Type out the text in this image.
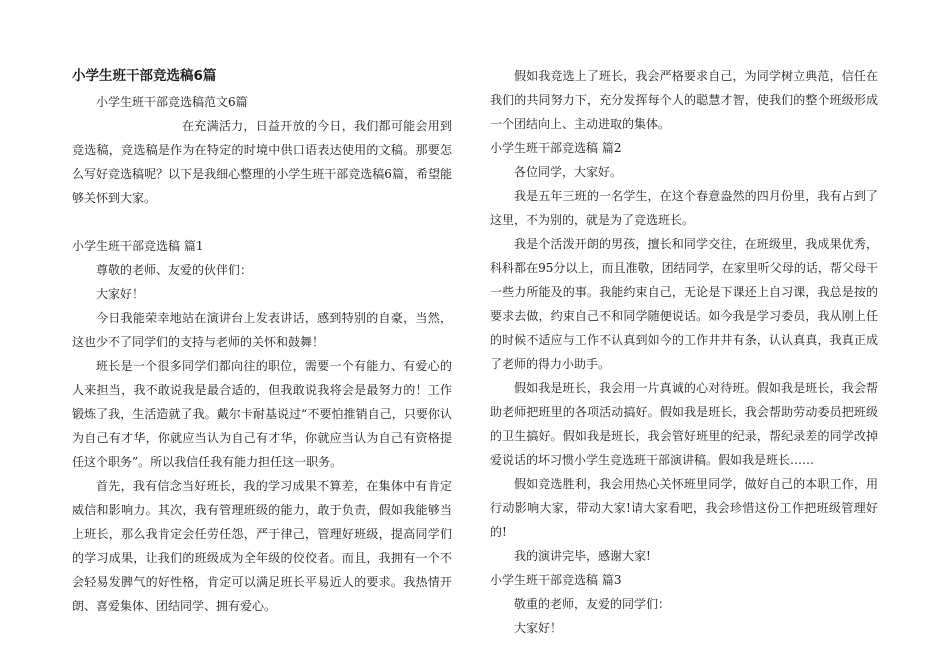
小学生班干部竞选稿6篇

小学生班干部竞选稿范文6篇

在充满活力，日益开放的今日，我们都可能会用到竞选稿，竞选稿是作为在特定的时境中供口语表达使用的文稿。那要怎么写好竞选稿呢？以下是我细心整理的小学生班干部竞选稿6篇，希望能够关怀到大家。

小学生班干部竞选稿 篇1

尊敬的老师、友爱的伙伴们：

大家好！

今日我能荣幸地站在演讲台上发表讲话，感到特别的自豪，当然，这也少不了同学们的支持与老师的关怀和鼓舞！

班长是一个很多同学们都向往的职位，需要一个有能力、有爱心的人来担当，我不敢说我是最合适的，但我敢说我将会是最努力的！工作锻炼了我，生活造就了我。戴尔卡耐基说过“不要怕推销自己，只要你认为自己有才华，你就应当认为自己有才华，你就应当认为自己有资格提任这个职务”。所以我信任我有能力担任这一职务。

首先，我有信念当好班长，我的学习成果不算差，在集体中有肯定威信和影响力。其次，我有管理班级的能力，敢于负责，假如我能够当上班长，那么我肯定会任劳任怨，严于律己，管理好班级，提高同学们的学习成果，让我们的班级成为全年级的佼佼者。而且，我拥有一个不会轻易发脾气的好性格，肯定可以满足班长平易近人的要求。我热情开朗、喜爱集体、团结同学、拥有爱心。

假如我竞选上了班长，我会严格要求自己，为同学树立典范，信任在我们的共同努力下，充分发挥每个人的聪慧才智，使我们的整个班级形成一个团结向上、主动进取的集体。

小学生班干部竞选稿 篇2

各位同学，大家好。

我是五年三班的一名学生，在这个春意盎然的四月份里，我有占到了这里，不为别的，就是为了竞选班长。

我是个活泼开朗的男孩，擅长和同学交往，在班级里，我成果优秀，科科都在95分以上，而且准敬，团结同学，在家里听父母的话，帮父母干一些力所能及的事。我能约束自己，无论是下课还上自习课，我总是按的要求去做，约束自己不和同学随便说话。如今我是学习委员，我从刚上任的时候不适应与工作不认真到如今的工作井井有条，认认真真，我真正成了老师的得力小助手。

假如我是班长，我会用一片真诚的心对待班。假如我是班长，我会帮助老师把班里的各项活动搞好。假如我是班长，我会帮助劳动委员把班级的卫生搞好。假如我是班长，我会管好班里的纪录，帮纪录差的同学改掉爱说话的坏习惯小学生竞选班干部演讲稿。假如我是班长……

假如竞选胜利，我会用热心关怀班里同学，做好自己的本职工作，用行动影响大家，带动大家!请大家看吧，我会珍惜这份工作把班级管理好的!

我的演讲完毕，感谢大家!

小学生班干部竞选稿 篇3

敬重的老师，友爱的同学们：

大家好！
